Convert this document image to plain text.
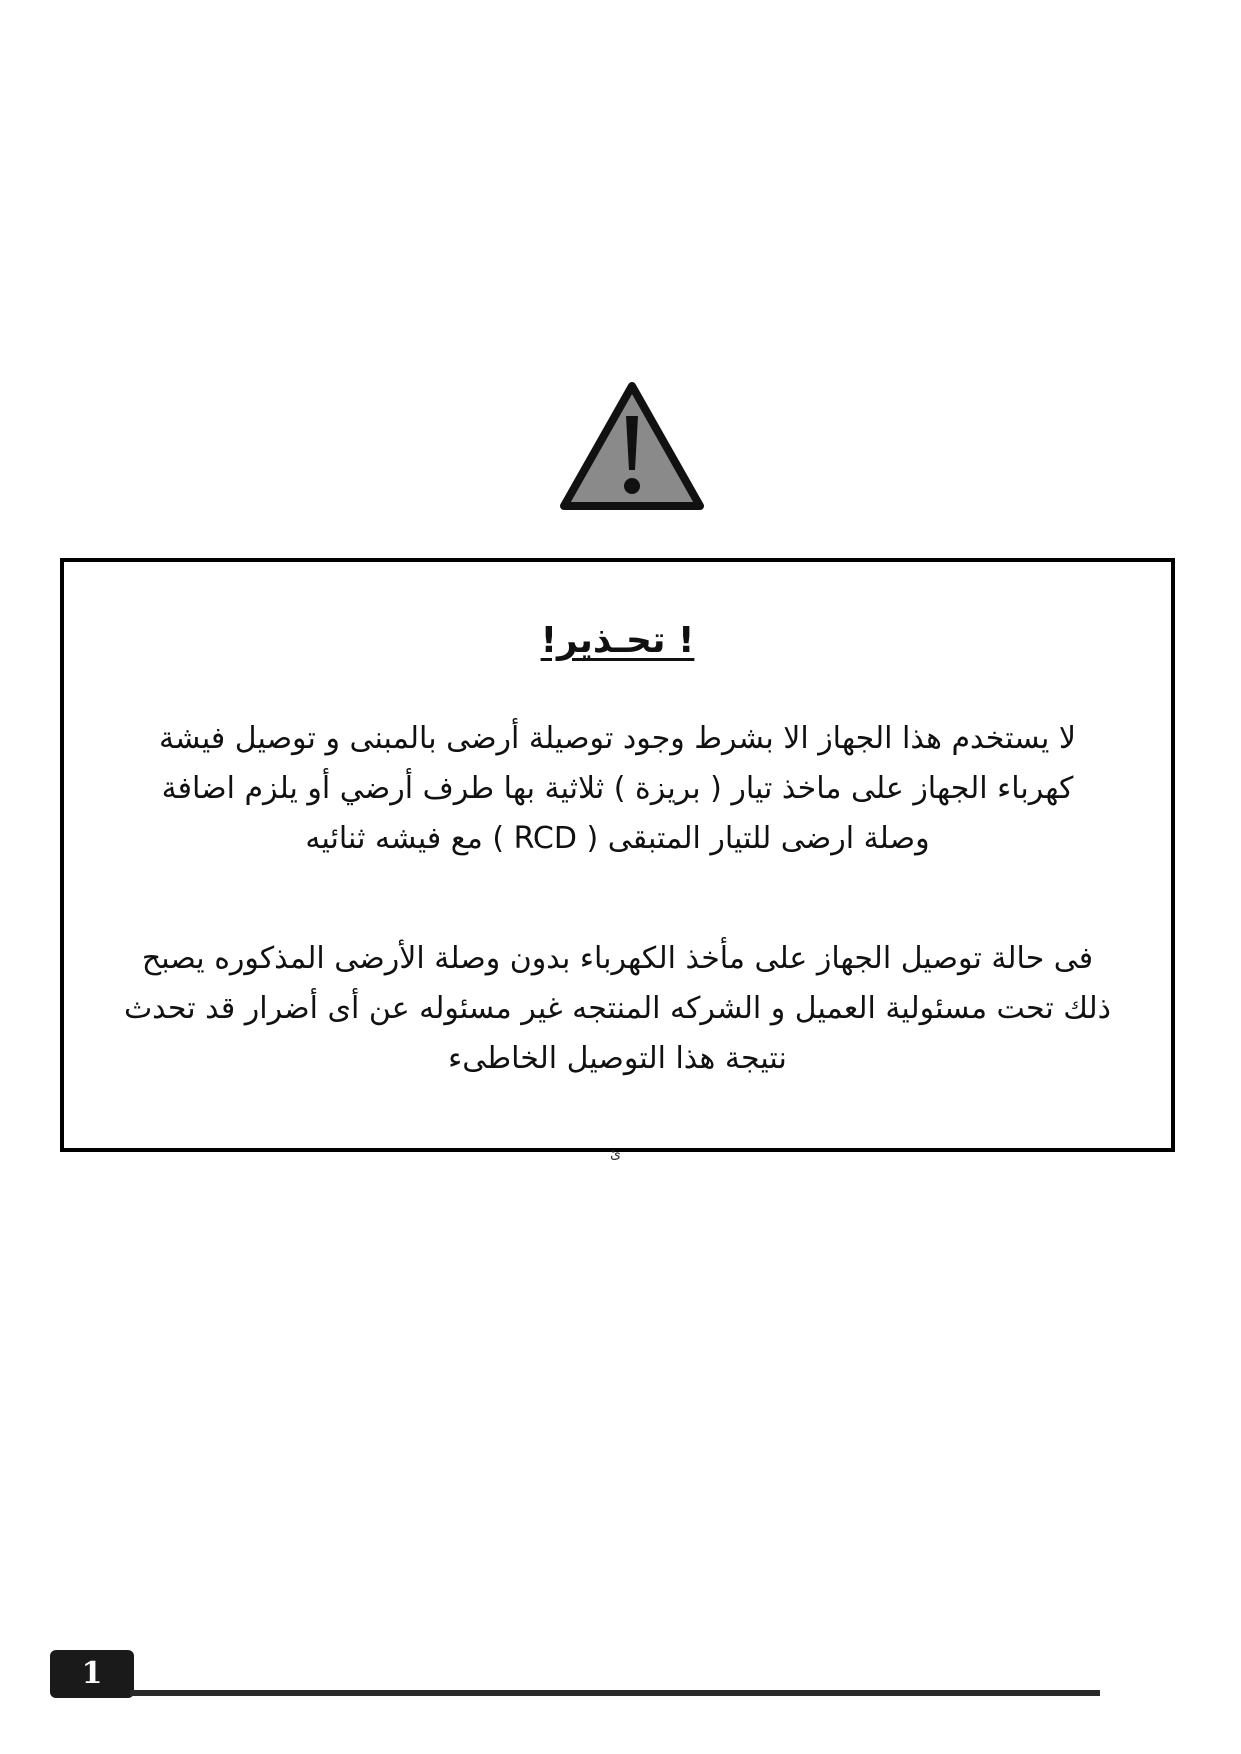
! تحـذير!
لا يستخدم هذا الجهاز الا بشرط وجود توصيلة أرضى بالمبنى و توصيل فيشة
كهرباء الجهاز على ماخذ تيار ( بريزة ) ثلاثية بها طرف أرضي أو يلزم اضافة
وصلة ارضى للتيار المتبقى ( RCD ) مع فيشه ثنائيه
فى حالة توصيل الجهاز على مأخذ الكهرباء بدون وصلة الأرضى المذكوره يصبح
ذلك تحت مسئولية العميل و الشركه المنتجه غير مسئوله عن أى أضرار قد تحدث
نتيجة هذا التوصيل الخاطىء
ئ
1
